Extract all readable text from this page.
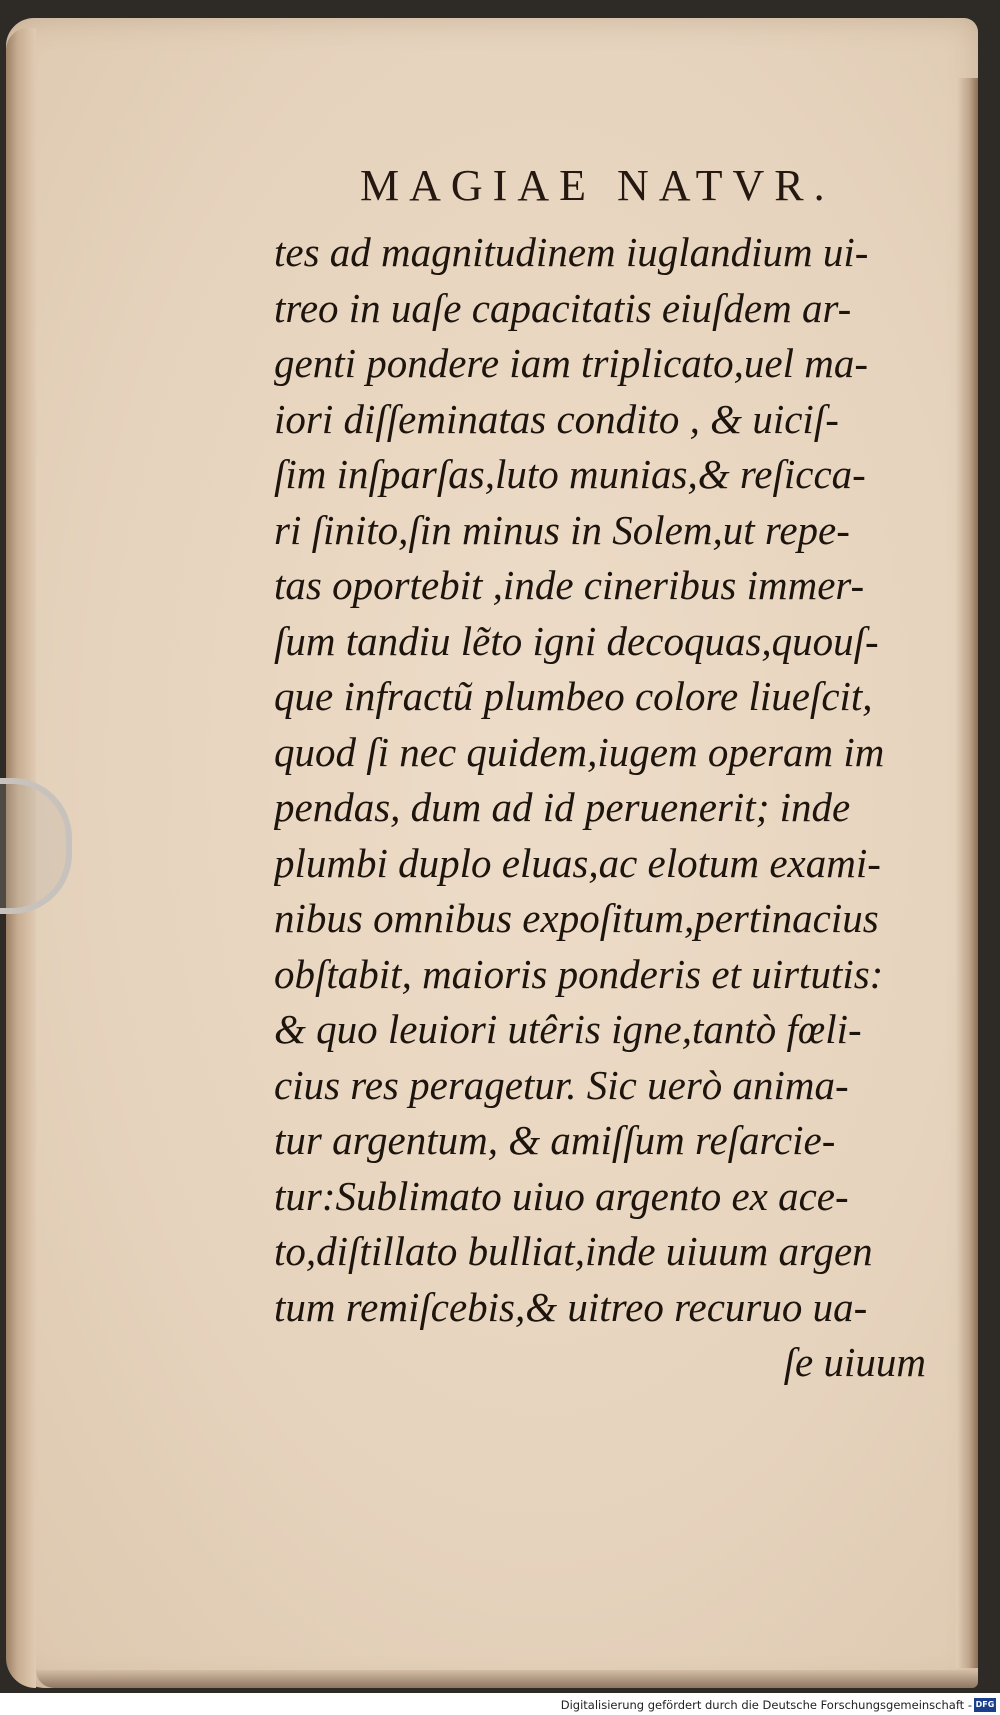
MAGIAE NATVR.
tes ad magnitudinem iuglandium ui-
treo in uaſe capacitatis eiuſdem ar-
genti pondere iam triplicato,uel ma-
iori diſſeminatas condito , & uiciſ-
ſim inſparſas,luto munias,& reſicca-
ri ſinito,ſin minus in Solem,ut repe-
tas oportebit ,inde cineribus immer-
ſum tandiu lẽto igni decoquas,quouſ-
que infractũ plumbeo colore liueſcit,
quod ſi nec quidem,iugem operam im
pendas, dum ad id peruenerit; inde
plumbi duplo eluas,ac elotum exami-
nibus omnibus expoſitum,pertinacius
obſtabit, maioris ponderis et uirtutis:
& quo leuiori utêris igne,tantò fœli-
cius res peragetur. Sic uerò anima-
tur argentum, & amiſſum reſarcie-
tur:Sublimato uiuo argento ex ace-
to,diſtillato bulliat,inde uiuum argen
tum remiſcebis,& uitreo recuruo ua-
ſe uiuum
Digitalisierung gefördert durch die Deutsche Forschungsgemeinschaft - DFG
